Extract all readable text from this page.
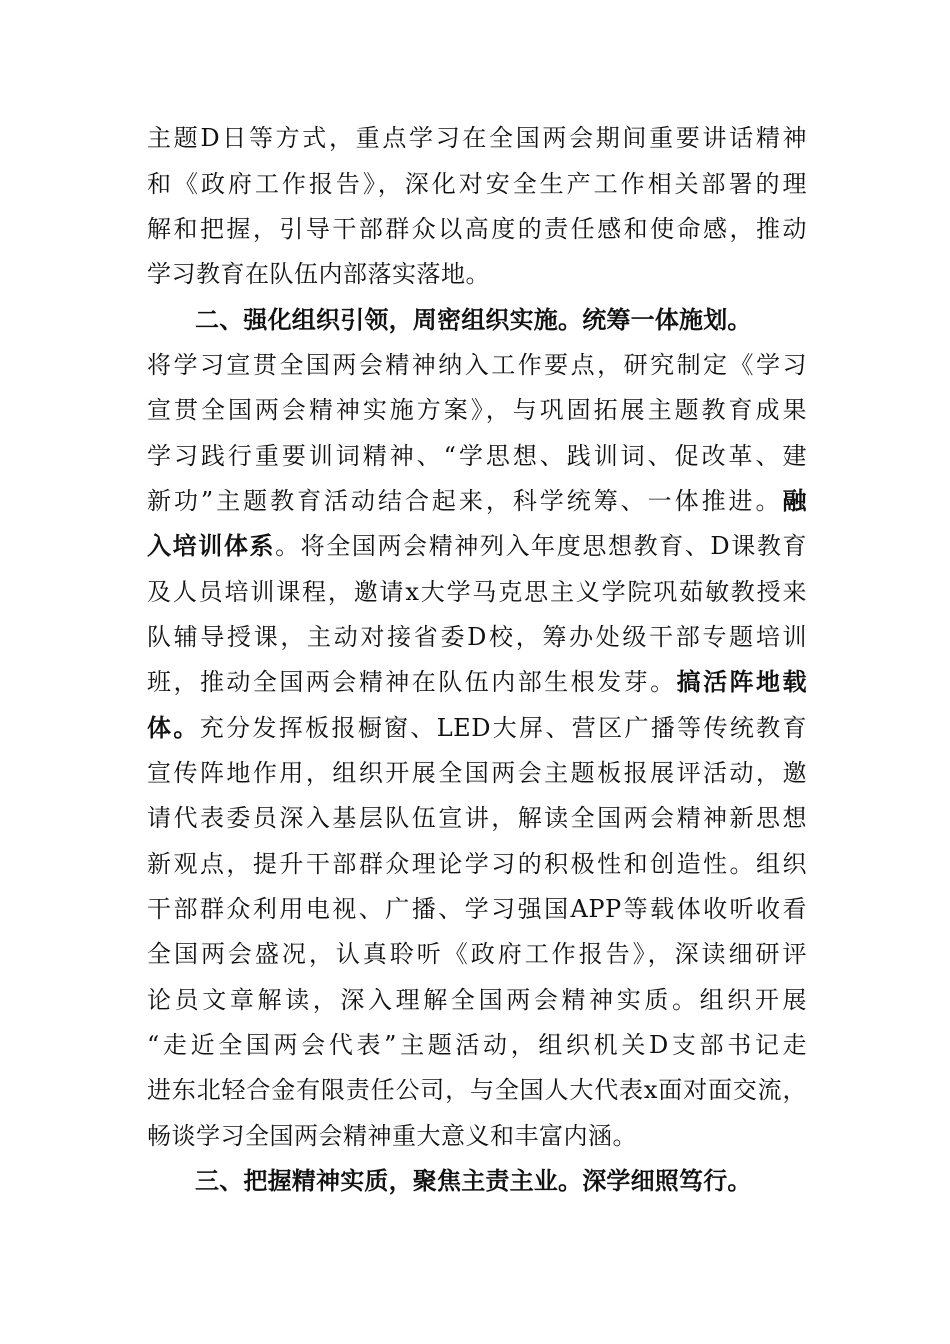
主题D日等方式，重点学习在全国两会期间重要讲话精神
和《政府工作报告》，深化对安全生产工作相关部署的理
解和把握，引导干部群众以高度的责任感和使命感，推动
学习教育在队伍内部落实落地。
二、强化组织引领，周密组织实施。统筹一体施划。
将学习宣贯全国两会精神纳入工作要点，研究制定《学习
宣贯全国两会精神实施方案》，与巩固拓展主题教育成果
学习践行重要训词精神、“学思想、践训词、促改革、建
新功”主题教育活动结合起来，科学统筹、一体推进。融
入培训体系。将全国两会精神列入年度思想教育、D课教育
及人员培训课程，邀请x大学马克思主义学院巩茹敏教授来
队辅导授课，主动对接省委D校，筹办处级干部专题培训
班，推动全国两会精神在队伍内部生根发芽。搞活阵地载
体。充分发挥板报橱窗、LED大屏、营区广播等传统教育
宣传阵地作用，组织开展全国两会主题板报展评活动，邀
请代表委员深入基层队伍宣讲，解读全国两会精神新思想
新观点，提升干部群众理论学习的积极性和创造性。组织
干部群众利用电视、广播、学习强国APP等载体收听收看
全国两会盛况，认真聆听《政府工作报告》，深读细研评
论员文章解读，深入理解全国两会精神实质。组织开展
“走近全国两会代表”主题活动，组织机关D支部书记走
进东北轻合金有限责任公司，与全国人大代表x面对面交流，
畅谈学习全国两会精神重大意义和丰富内涵。
三、把握精神实质，聚焦主责主业。深学细照笃行。
